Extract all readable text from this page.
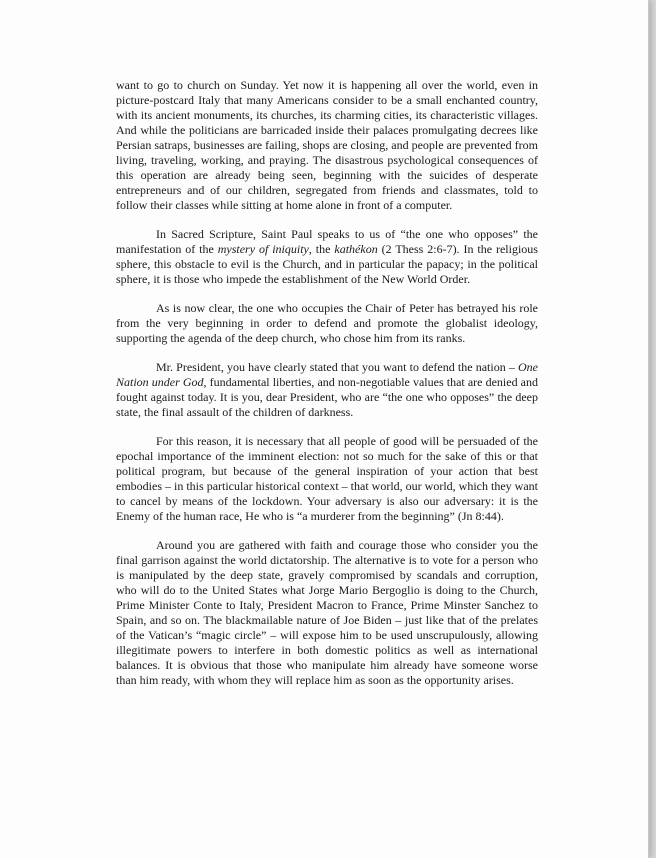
want to go to church on Sunday. Yet now it is happening all over the world, even in picture-postcard Italy that many Americans consider to be a small enchanted country, with its ancient monuments, its churches, its charming cities, its characteristic villages. And while the politicians are barricaded inside their palaces promulgating decrees like Persian satraps, businesses are failing, shops are closing, and people are prevented from living, traveling, working, and praying. The disastrous psychological consequences of this operation are already being seen, beginning with the suicides of desperate entrepreneurs and of our children, segregated from friends and classmates, told to follow their classes while sitting at home alone in front of a computer.

In Sacred Scripture, Saint Paul speaks to us of “the one who opposes” the manifestation of the mystery of iniquity, the kathékon (2 Thess 2:6-7). In the religious sphere, this obstacle to evil is the Church, and in particular the papacy; in the political sphere, it is those who impede the establishment of the New World Order.

As is now clear, the one who occupies the Chair of Peter has betrayed his role from the very beginning in order to defend and promote the globalist ideology, supporting the agenda of the deep church, who chose him from its ranks.

Mr. President, you have clearly stated that you want to defend the nation – One Nation under God, fundamental liberties, and non-negotiable values that are denied and fought against today. It is you, dear President, who are “the one who opposes” the deep state, the final assault of the children of darkness.

For this reason, it is necessary that all people of good will be persuaded of the epochal importance of the imminent election: not so much for the sake of this or that political program, but because of the general inspiration of your action that best embodies – in this particular historical context – that world, our world, which they want to cancel by means of the lockdown. Your adversary is also our adversary: it is the Enemy of the human race, He who is “a murderer from the beginning” (Jn 8:44).

Around you are gathered with faith and courage those who consider you the final garrison against the world dictatorship. The alternative is to vote for a person who is manipulated by the deep state, gravely compromised by scandals and corruption, who will do to the United States what Jorge Mario Bergoglio is doing to the Church, Prime Minister Conte to Italy, President Macron to France, Prime Minster Sanchez to Spain, and so on. The blackmailable nature of Joe Biden – just like that of the prelates of the Vatican’s “magic circle” – will expose him to be used unscrupulously, allowing illegitimate powers to interfere in both domestic politics as well as international balances. It is obvious that those who manipulate him already have someone worse than him ready, with whom they will replace him as soon as the opportunity arises.
